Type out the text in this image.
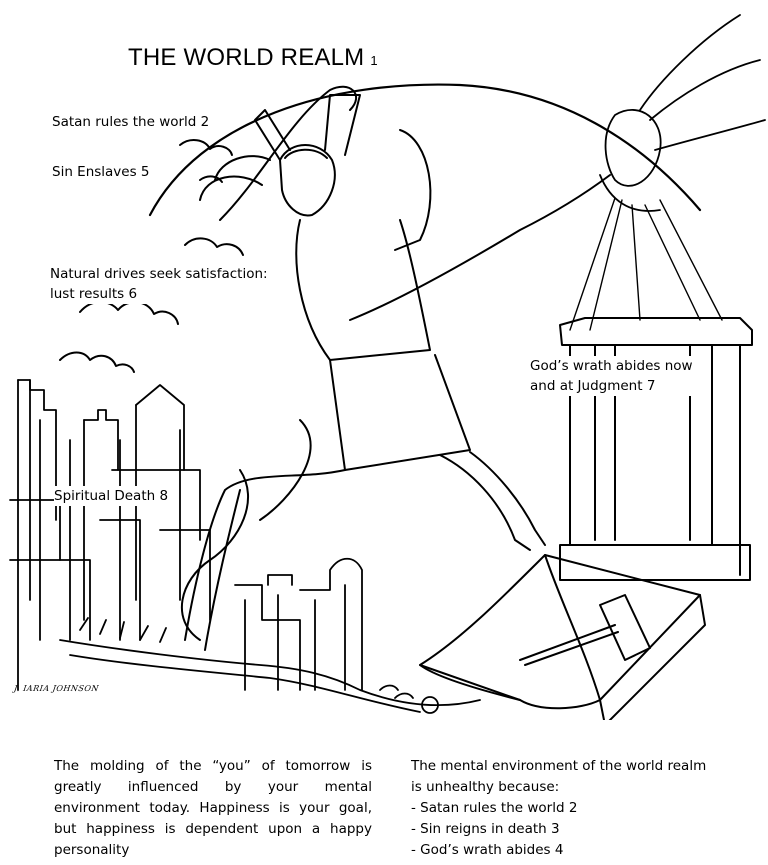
THE WORLD REALM 1
Satan rules the world 2
Sin Enslaves 5
Natural drives seek satisfaction:
lust results 6
God’s wrath abides now
and at Judgment 7
Spiritual Death 8
J. IARIA JOHNSON
The molding of the “you” of tomorrow is greatly influenced by your mental environment today. Happiness is your goal, but happiness is dependent upon a happy personality
The mental environment of the world realm is unhealthy because:
- Satan rules the world 2
- Sin reigns in death 3
- God’s wrath abides 4
